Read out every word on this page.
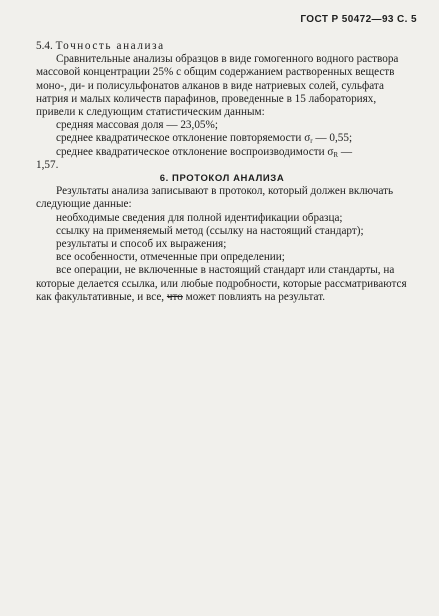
ГОСТ Р 50472—93 С. 5

5.4. Точность анализа

Сравнительные анализы образцов в виде гомогенного водного раствора массовой концентрации 25% с общим содержанием растворенных веществ моно-, ди- и полисульфонатов алканов в виде натриевых солей, сульфата натрия и малых количеств парафинов, проведенные в 15 лабораториях, привели к следующим статистическим данным:

средняя массовая доля — 23,05%;

среднее квадратическое отклонение повторяемости $\sigma_r$ — 0,55;

среднее квадратическое отклонение воспроизводимости $\sigma_R$ —

1,57.

6. ПРОТОКОЛ АНАЛИЗА

Результаты анализа записывают в протокол, который должен включать следующие данные:

необходимые сведения для полной идентификации образца;

ссылку на применяемый метод (ссылку на настоящий стандарт);

результаты и способ их выражения;

все особенности, отмеченные при определении;

все операции, не включенные в настоящий стандарт или стандарты, на которые делается ссылка, или любые подробности, которые рассматриваются как факультативные, и все, что может повлиять на результат.
